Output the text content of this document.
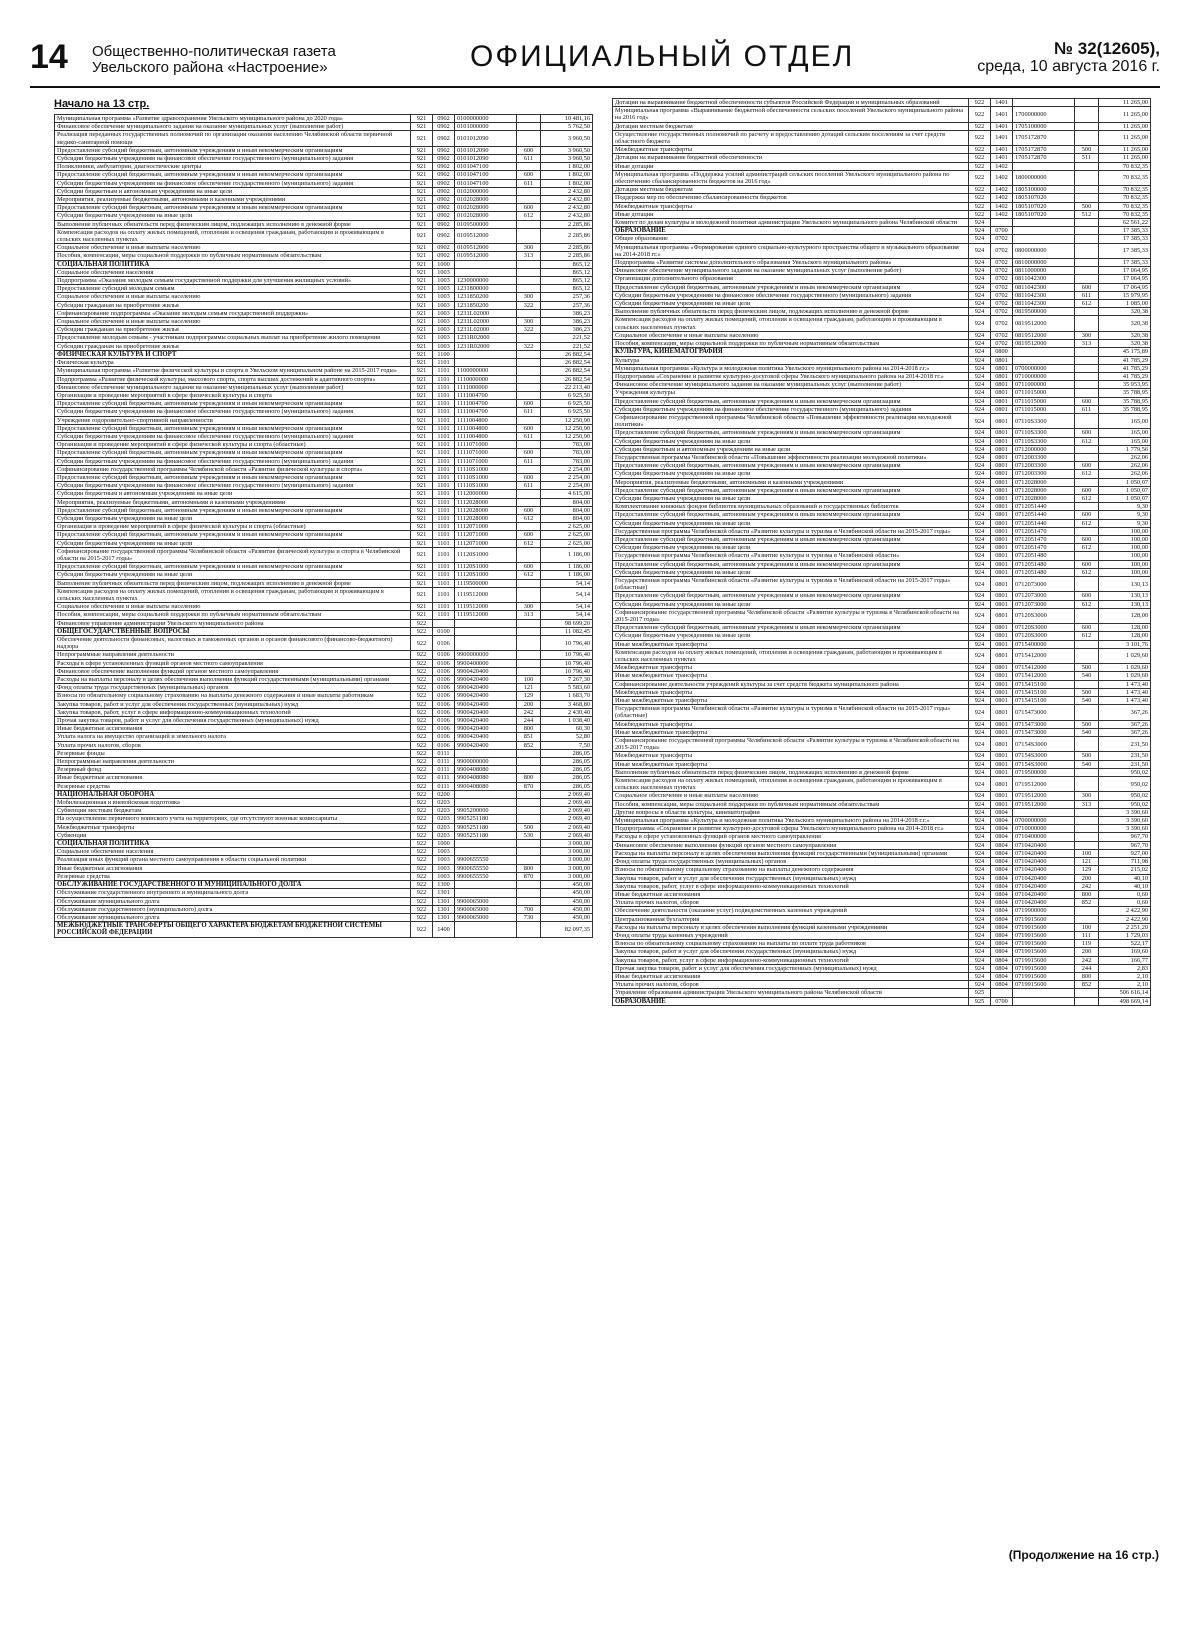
14 Общественно-политическая газета
Увельского района «Настроение»	ОФИЦИАЛЬНЫЙ ОТДЕЛ	№ 32(12605),
среда, 10 августа 2016 г.
Начало на 13 стр.
Муниципальная программа «Развитие здравоохранения Увельского муниципального района до 2020 года»	921	0902	0100000000		10 481,16
Финансовое обеспечение муниципального задания на оказание муниципальных услуг (выполнение работ)	921	0902	0101000000		5 762,50
Реализация переданных государственных полномочий по организации оказания населению Челябинской области первичной медико-санитарной помощи	921	0902	0101012090		3 960,50
Предоставление субсидий бюджетным, автономным учреждениям и иным некоммерческим организациям	921	0902	0101012090	600	3 960,50
Субсидии бюджетным учреждениям на финансовое обеспечение государственного (муниципального) задания	921	0902	0101012090	611	3 960,50
Поликлиники, амбулатории, диагностические центры	921	0902	0101047100		1 802,00
Предоставление субсидий бюджетным, автономным учреждениям и иным некоммерческим организациям	921	0902	0101047100	600	1 802,00
Субсидии бюджетным учреждениям на финансовое обеспечение государственного (муниципального) задания	921	0902	0101047100	611	1 802,00
Субсидии бюджетным и автономным учреждениям на иные цели	921	0902	0102000000		2 432,80
Мероприятия, реализуемые бюджетными, автономными и казенными учреждениями	921	0902	0102028000		2 432,80
Предоставление субсидий бюджетным, автономным учреждениям и иным некоммерческим организациям	921	0902	0102028000	600	2 432,80
Субсидии бюджетным учреждениям на иные цели	921	0902	0102028000	612	2 432,80
Выполнение публичных обязательств перед физическим лицом, подлежащих исполнению в денежной форме	921	0902	0109500000		2 285,86
Компенсация расходов на оплату жилых помещений, отопления и освещения гражданам, работающим и проживающим в сельских населенных пунктах	921	0902	0109512000		2 285,86
Социальное обеспечение и иные выплаты населению	921	0902	0109512000	300	2 285,86
Пособия, компенсации, меры социальной поддержки по публичным нормативным обязательствам	921	0902	0109512000	313	2 285,86
СОЦИАЛЬНАЯ ПОЛИТИКА	921	1000			865,12
Социальное обеспечение населения	921	1003			865,12
Подпрограмма «Оказание молодым семьям государственной поддержки для улучшения жилищных условий»	921	1003	1230000000		865,12
Предоставление субсидий молодым семьям	921	1003	1231800000		865,12
Социальное обеспечение и иные выплаты населению	921	1003	1231850200	300	257,36
Субсидии гражданам на приобретение жилья	921	1003	1231850200	322	257,36
Софинансирование подпрограммы «Оказание молодым семьям государственной поддержки»	921	1003	1231L02000		386,23
Социальное обеспечение и иные выплаты населению	921	1003	1231L02000	300	386,23
Субсидии гражданам на приобретение жилья	921	1003	1231L02000	322	386,23
Предоставление молодым семьям - участникам подпрограммы социальных выплат на приобретение жилого помещения	921	1003	1231R02000		221,52
Субсидии гражданам на приобретение жилья	921	1003	1231R02000	322	221,52
ФИЗИЧЕСКАЯ КУЛЬТУРА И СПОРТ	921	1100			26 882,54
Физическая культура	921	1101			26 882,54
Муниципальная программа «Развитие физической культуры и спорта в Увельском муниципальном районе на 2015-2017 годы»	921	1101	1100000000		26 882,54
Подпрограмма «Развитие физической культуры, массового спорта, спорта высших достижений и адаптивного спорта»	921	1101	1110000000		26 882,54
Финансовое обеспечение муниципального задания на оказание муниципальных услуг (выполнение работ)	921	1101	1111000000		22 213,40
Организация и проведение мероприятий в сфере физической культуры и спорта	921	1101	1111004700		6 925,50
Предоставление субсидий бюджетным, автономным учреждениям и иным некоммерческим организациям	921	1101	1111004700	600	6 925,50
Субсидии бюджетным учреждениям на финансовое обеспечение государственного (муниципального) задания	921	1101	1111004700	611	6 925,50
Учреждение оздоровительно-спортивной направленности	921	1101	1111004800		12 250,90
Предоставление субсидий бюджетным, автономным учреждениям и иным некоммерческим организациям	921	1101	1111004800	600	12 250,90
Субсидии бюджетным учреждениям на финансовое обеспечение государственного (муниципального) задания	921	1101	1111004800	611	12 250,90
Организация и проведение мероприятий в сфере физической культуры и спорта (областные)	921	1101	1111071000		783,00
Предоставление субсидий бюджетным, автономным учреждениям и иным некоммерческим организациям	921	1101	1111071000	600	783,00
Субсидии бюджетным учреждениям на финансовое обеспечение государственного (муниципального) задания	921	1101	1111071000	611	783,00
Софинансирование государственной программы Челябинской области «Развитие физической культуры и спорта»	921	1101	11110S1000		2 254,00
Предоставление субсидий бюджетным, автономным учреждениям и иным некоммерческим организациям	921	1101	11110S1000	600	2 254,00
Субсидии бюджетным учреждениям на финансовое обеспечение государственного (муниципального) задания	921	1101	11110S1000	611	2 254,00
Субсидии бюджетным и автономным учреждениям на иные цели	921	1101	1112000000		4 615,00
Мероприятия, реализуемые бюджетными, автономными и казенными учреждениями	921	1101	1112028000		804,00
Предоставление субсидий бюджетным, автономным учреждениям и иным некоммерческим организациям	921	1101	1112028000	600	804,00
Субсидии бюджетным учреждениям на иные цели	921	1101	1112028000	612	804,00
Организация и проведение мероприятий в сфере физической культуры и спорта (областные)	921	1101	1112071000		2 625,00
Предоставление субсидий бюджетным, автономным учреждениям и иным некоммерческим организациям	921	1101	1112071000	600	2 625,00
Субсидии бюджетным учреждениям на иные цели	921	1101	1112071000	612	2 625,00
Софинансирование государственной программы Челябинской области «Развитие физической культуры и спорта в Челябинской области на 2015-2017 годы»	921	1101	11120S1000		1 186,00
Предоставление субсидий бюджетным, автономным учреждениям и иным некоммерческим организациям	921	1101	11120S1000	600	1 186,00
Субсидии бюджетным учреждениям на иные цели	921	1101	11120S1000	612	1 186,00
Выполнение публичных обязательств перед физическим лицом, подлежащих исполнению в денежной форме	921	1101	1119500000		54,14
Компенсация расходов на оплату жилых помещений, отопления и освещения гражданам, работающим и проживающим в сельских населенных пунктах	921	1101	1119512000		54,14
Социальное обеспечение и иные выплаты населению	921	1101	1119512000	300	54,14
Пособия, компенсации, меры социальной поддержки по публичным нормативным обязательствам	921	1101	1119512000	313	54,14
Финансовое управление администрации Увельского муниципального района	922				98 699,20
ОБЩЕГОСУДАРСТВЕННЫЕ ВОПРОСЫ	922	0100			11 082,45
Обеспечение деятельности финансовых, налоговых и таможенных органов и органов финансового (финансово-бюджетного) надзора	922	0106			10 796,40
Непрограммные направления деятельности	922	0106	9900000000		10 796,40
Расходы в сфере установленных функций органов местного самоуправления	922	0106	9900400000		10 796,40
Финансовое обеспечение выполнения функций органов местного самоуправления	922	0106	9900420400		10 796,40
Расходы на выплаты персоналу в целях обеспечения выполнения функций государственными (муниципальными) органами	922	0106	9900420400	100	7 267,30
Фонд оплаты труда государственных (муниципальных) органов	922	0106	9900420400	121	5 583,60
Взносы по обязательному социальному страхованию на выплаты денежного содержания и иные выплаты работникам	922	0106	9900420400	129	1 683,70
Закупка товаров, работ и услуг для обеспечения государственных (муниципальных) нужд	922	0106	9900420400	200	3 468,80
Закупка товаров, работ, услуг в сфере информационно-коммуникационных технологий	922	0106	9900420400	242	2 430,40
Прочая закупка товаров, работ и услуг для обеспечения государственных (муниципальных) нужд	922	0106	9900420400	244	1 038,40
Иные бюджетные ассигнования	922	0106	9900420400	800	60,30
Уплата налога на имущество организаций и земельного налога	922	0106	9900420400	851	52,80
Уплата прочих налогов, сборов	922	0106	9900420400	852	7,50
Резервные фонды	922	0111			286,05
Непрограммные направления деятельности	922	0111	9900000000		286,05
Резервный фонд	922	0111	9900408080		286,05
Иные бюджетные ассигнования	922	0111	9900408080	800	286,05
Резервные средства	922	0111	9900408080	870	286,05
НАЦИОНАЛЬНАЯ ОБОРОНА	922	0200			2 069,40
Мобилизационная и вневойсковая подготовка	922	0203			2 069,40
Субвенции местным бюджетам	922	0203	9905200000		2 069,40
На осуществление первичного воинского учета на территориях, где отсутствуют военные комиссариаты	922	0203	9905251180		2 069,40
Межбюджетные трансферты	922	0203	9905251180	500	2 069,40
Субвенции	922	0203	9905251180	530	2 069,40
СОЦИАЛЬНАЯ ПОЛИТИКА	922	1000			3 000,00
Социальное обеспечение населения	922	1003			3 000,00
Реализация иных функций органа местного самоуправления в области социальной политики	922	1003	9900655550		3 000,00
Иные бюджетные ассигнования	922	1003	9900655550	800	3 000,00
Резервные средства	922	1003	9900655550	870	3 000,00
ОБСЛУЖИВАНИЕ ГОСУДАРСТВЕННОГО И МУНИЦИПАЛЬНОГО ДОЛГА	922	1300			450,00
Обслуживание государственного внутреннего и муниципального долга	922	1301			450,00
Обслуживание муниципального долга	922	1301	9900065000		450,00
Обслуживание государственного (муниципального) долга	922	1301	9900065000	700	450,00
Обслуживание муниципального долга	922	1301	9900065000	730	450,00
МЕЖБЮДЖЕТНЫЕ ТРАНСФЕРТЫ ОБЩЕГО ХАРАКТЕРА БЮДЖЕТАМ БЮДЖЕТНОЙ СИСТЕМЫ РОССИЙСКОЙ ФЕДЕРАЦИИ	922	1400			82 097,35
Дотации на выравнивание бюджетной обеспеченности субъектов Российской Федерации и муниципальных образований	922	1401			11 265,00
Муниципальная программа «Выравнивание бюджетной обеспеченности сельских поселений Увельского муниципального района на 2016 год»	922	1401	1700000000		11 265,00
Дотации местным бюджетам	922	1401	1705100000		11 265,00
Осуществление государственных полномочий по расчету и предоставлению дотаций сельским поселениям за счет средств областного бюджета	922	1401	1705172870		11 265,00
Межбюджетные трансферты	922	1401	1705172870	500	11 265,00
Дотации на выравнивание бюджетной обеспеченности	922	1401	1705172870	511	11 265,00
Иные дотации	922	1402			70 832,35
Муниципальная программа «Поддержка усилий администраций сельских поселений Увельского муниципального района по обеспечению сбалансированности бюджетов на 2016 год»	922	1402	1800000000		70 832,35
Дотации местным бюджетам	922	1402	1805100000		70 832,35
Поддержка мер по обеспечению сбалансированности бюджетов	922	1402	1805107020		70 832,35
Межбюджетные трансферты	922	1402	1805107020	500	70 832,35
Иные дотации	922	1402	1805107020	512	70 832,35
Комитет по делам культуры и молодежной политики администрации Увельского муниципального района Челябинской области	924				62 561,22
ОБРАЗОВАНИЕ	924	0700			17 385,33
Общее образование	924	0702			17 385,33
Муниципальная программа «Формирование единого социально-культурного пространства общего и музыкального образования на 2014-2018 гг.»	924	0702	0800000000		17 385,33
Подпрограмма «Развитие системы дополнительного образования Увельского муниципального района»	924	0702	0810000000		17 385,33
Финансовое обеспечение муниципального задания на оказание муниципальных услуг (выполнение работ)	924	0702	0811000000		17 064,95
Организации дополнительного образования	924	0702	0811042300		17 064,95
Предоставление субсидий бюджетным, автономным учреждениям и иным некоммерческим организациям	924	0702	0811042300	600	17 064,95
Субсидии бюджетным учреждениям на финансовое обеспечение государственного (муниципального) задания	924	0702	0811042300	611	15 979,95
Субсидии бюджетным учреждениям на иные цели	924	0702	0811042300	612	1 085,00
Выполнение публичных обязательств перед физическим лицом, подлежащих исполнению в денежной форме	924	0702	0819500000		320,38
Компенсация расходов на оплату жилых помещений, отопления и освещения гражданам, работающим и проживающим в сельских населенных пунктах	924	0702	0819512000		320,38
Социальное обеспечение и иные выплаты населению	924	0702	0819512000	300	320,38
Пособия, компенсации, меры социальной поддержки по публичным нормативным обязательствам	924	0702	0819512000	313	320,38
КУЛЬТУРА, КИНЕМАТОГРАФИЯ	924	0800			45 175,89
Культура	924	0801			41 785,29
Муниципальная программа «Культура и молодежная политика Увельского муниципального района на 2014-2018 г.г.»	924	0801	0700000000		41 785,29
Подпрограмма «Сохранение и развитие культурно-досуговой сферы Увельского муниципального района на 2014-2018 гг.»	924	0801	0710000000		41 785,29
Финансовое обеспечение муниципального задания на оказание муниципальных услуг (выполнение работ)	924	0801	0711000000		35 953,95
Учреждения культуры	924	0801	0711015000		35 788,95
Предоставление субсидий бюджетным, автономным учреждениям и иным некоммерческим организациям	924	0801	0711015000	600	35 788,95
Субсидии бюджетным учреждениям на финансовое обеспечение государственного (муниципального) задания	924	0801	0711015000	611	35 788,95
Софинансирование государственной программы Челябинской области «Повышение эффективности реализации молодежной политики»	924	0801	07110S3300		165,00
Предоставление субсидий бюджетным, автономным учреждениям и иным некоммерческим организациям	924	0801	07110S3300	600	165,00
Субсидии бюджетным учреждениям на иные цели	924	0801	07110S3300	612	165,00
Субсидии бюджетным и автономным учреждениям на иные цели	924	0801	0712000000		1 779,56
Государственная программа Челябинской области «Повышение эффективности реализации молодежной политики»	924	0801	0712003300		262,06
Предоставление субсидий бюджетным, автономным учреждениям и иным некоммерческим организациям	924	0801	0712003300	600	262,06
Субсидии бюджетным учреждениям на иные цели	924	0801	0712003300	612	262,06
Мероприятия, реализуемые бюджетными, автономными и казенными учреждениями	924	0801	0712028000		1 050,07
Предоставление субсидий бюджетным, автономным учреждениям и иным некоммерческим организациям	924	0801	0712028000	600	1 050,07
Субсидии бюджетным учреждениям на иные цели	924	0801	0712028000	612	1 050,07
Комплектование книжных фондов библиотек муниципальных образований и государственных библиотек	924	0801	0712051440		9,30
Предоставление субсидий бюджетным, автономным учреждениям и иным некоммерческим организациям	924	0801	0712051440	600	9,30
Субсидии бюджетным учреждениям на иные цели	924	0801	0712051440	612	9,30
Государственная программа Челябинской области «Развитие культуры и туризма в Челябинской области на 2015-2017 годы»	924	0801	0712051470		100,00
Предоставление субсидий бюджетным, автономным учреждениям и иным некоммерческим организациям	924	0801	0712051470	600	100,00
Субсидии бюджетным учреждениям на иные цели	924	0801	0712051470	612	100,00
Государственная программа Челябинской области «Развитие культуры и туризма в Челябинской области»	924	0801	0712051480		100,00
Предоставление субсидий бюджетным, автономным учреждениям и иным некоммерческим организациям	924	0801	0712051480	600	100,00
Субсидии бюджетным учреждениям на иные цели	924	0801	0712051480	612	100,00
Государственная программа Челябинской области «Развитие культуры и туризма в Челябинской области на 2015-2017 годы» (областные)	924	0801	0712073000		130,13
Предоставление субсидий бюджетным, автономным учреждениям и иным некоммерческим организациям	924	0801	0712073000	600	130,13
Субсидии бюджетным учреждениям на иные цели	924	0801	0712073000	612	130,13
Софинансирование государственной программы Челябинской области «Развитие культуры и туризма в Челябинской области на 2015-2017 годы»	924	0801	07120S3000		128,00
Предоставление субсидий бюджетным, автономным учреждениям и иным некоммерческим организациям	924	0801	07120S3000	600	128,00
Субсидии бюджетным учреждениям на иные цели	924	0801	07120S3000	612	128,00
Иные межбюджетные трансферты	924	0801	0715400000		3 101,76
Компенсация расходов на оплату жилых помещений, отопления и освещения гражданам, работающим и проживающим в сельских населенных пунктах	924	0801	0715412000		1 029,60
Межбюджетные трансферты	924	0801	0715412000	500	1 029,60
Иные межбюджетные трансферты	924	0801	0715412000	540	1 029,60
Софинансирование деятельности учреждений культуры за счет средств бюджета муниципального района	924	0801	0715415100		1 473,40
Межбюджетные трансферты	924	0801	0715415100	500	1 473,40
Иные межбюджетные трансферты	924	0801	0715415100	540	1 473,40
Государственная программа Челябинской области «Развитие культуры и туризма в Челябинской области на 2015-2017 годы» (областные)	924	0801	0715473000		367,26
Межбюджетные трансферты	924	0801	0715473000	500	367,26
Иные межбюджетные трансферты	924	0801	0715473000	540	367,26
Софинансирование государственной программы Челябинской области «Развитие культуры и туризма в Челябинской области на 2015-2017 годы»	924	0801	07154S3000		231,50
Межбюджетные трансферты	924	0801	07154S3000	500	231,50
Иные межбюджетные трансферты	924	0801	07154S3000	540	231,50
Выполнение публичных обязательств перед физическим лицом, подлежащих исполнению в денежной форме	924	0801	0719500000		950,02
Компенсация расходов на оплату жилых помещений, отопления и освещения гражданам, работающим и проживающим в сельских населенных пунктах	924	0801	0719512000		950,02
Социальное обеспечение и иные выплаты населению	924	0801	0719512000	300	950,02
Пособия, компенсации, меры социальной поддержки по публичным нормативным обязательствам	924	0801	0719512000	313	950,02
Другие вопросы в области культуры, кинематографии	924	0804			3 390,60
Муниципальная программа «Культура и молодежная политика Увельского муниципального района на 2014-2018 г.г.»	924	0804	0700000000		3 390,60
Подпрограмма «Сохранение и развитие культурно-досуговой сферы Увельского муниципального района на 2014-2018 гг.»	924	0804	0710000000		3 390,60
Расходы в сфере установленных функций органов местного самоуправления	924	0804	0710400000		967,70
Финансовое обеспечение выполнения функций органов местного самоуправления	924	0804	0710420400		967,70
Расходы на выплаты персоналу в целях обеспечения выполнения функций государственными (муниципальными) органами	924	0804	0710420400	100	927,00
Фонд оплаты труда государственных (муниципальных) органов	924	0804	0710420400	121	711,98
Взносы по обязательному социальному страхованию на выплаты денежного содержания	924	0804	0710420400	129	215,02
Закупка товаров, работ и услуг для обеспечения государственных (муниципальных) нужд	924	0804	0710420400	200	40,10
Закупка товаров, работ, услуг в сфере информационно-коммуникационных технологий	924	0804	0710420400	242	40,10
Иные бюджетные ассигнования	924	0804	0710420400	800	0,60
Уплата прочих налогов, сборов	924	0804	0710420400	852	0,60
Обеспечение деятельности (оказание услуг) подведомственных казенных учреждений	924	0804	0719900000		2 422,90
Централизованная бухгалтерия	924	0804	0719915600		2 422,90
Расходы на выплаты персоналу в целях обеспечения выполнения функций казенными учреждениями	924	0804	0719915600	100	2 251,20
Фонд оплаты труда казенных учреждений	924	0804	0719915600	111	1 729,03
Взносы по обязательному социальному страхованию на выплаты по оплате труда работников	924	0804	0719915600	119	522,17
Закупка товаров, работ и услуг для обеспечения государственных (муниципальных) нужд	924	0804	0719915600	200	169,60
Закупка товаров, работ, услуг в сфере информационно-коммуникационных технологий	924	0804	0719915600	242	166,77
Прочая закупка товаров, работ и услуг для обеспечения государственных (муниципальных) нужд	924	0804	0719915600	244	2,83
Иные бюджетные ассигнования	924	0804	0719915600	800	2,10
Уплата прочих налогов, сборов	924	0804	0719915600	852	2,10
Управление образования администрации Увельского муниципального района Челябинской области	925				506 616,14
ОБРАЗОВАНИЕ	925	0700			498 669,14
(Продолжение на 16 стр.)
